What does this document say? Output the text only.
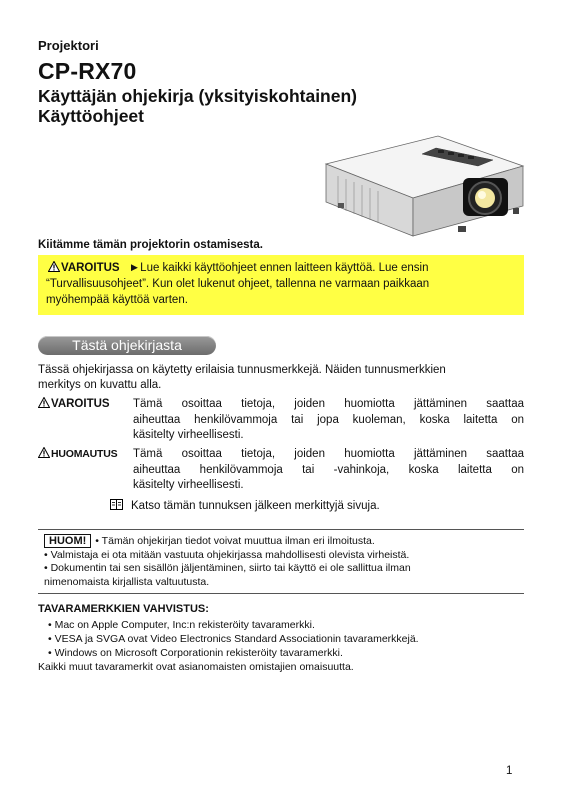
Projektori
CP-RX70
Käyttäjän ohjekirja (yksityiskohtainen)
Käyttöohjeet
Kiitämme tämän projektorin ostamisesta.
VAROITUS ►Lue kaikki käyttöohjeet ennen laitteen käyttöä. Lue ensin
“Turvallisuusohjeet”. Kun olet lukenut ohjeet, tallenna ne varmaan paikkaan
myöhempää käyttöä varten.
Tästä ohjekirjasta
Tässä ohjekirjassa on käytetty erilaisia tunnusmerkkejä. Näiden tunnusmerkkien
merkitys on kuvattu alla.
VAROITUS Tämä osoittaa tietoja, joiden huomiotta jättäminen saattaa
aiheuttaa henkilövammoja tai jopa kuoleman, koska laitetta on
käsitelty virheellisesti.
HUOMAUTUS Tämä osoittaa tietoja, joiden huomiotta jättäminen saattaa
aiheuttaa henkilövammoja tai -vahinkoja, koska laitetta on
käsitelty virheellisesti.
Katso tämän tunnuksen jälkeen merkittyjä sivuja.
HUOM! • Tämän ohjekirjan tiedot voivat muuttua ilman eri ilmoitusta.
• Valmistaja ei ota mitään vastuuta ohjekirjassa mahdollisesti olevista virheistä.
• Dokumentin tai sen sisällön jäljentäminen, siirto tai käyttö ei ole sallittua ilman
nimenomaista kirjallista valtuutusta.
TAVARAMERKKIEN VAHVISTUS:
• Mac on Apple Computer, Inc:n rekisteröity tavaramerkki.
• VESA ja SVGA ovat Video Electronics Standard Associationin tavaramerkkejä.
• Windows on Microsoft Corporationin rekisteröity tavaramerkki.
Kaikki muut tavaramerkit ovat asianomaisten omistajien omaisuutta.
1
